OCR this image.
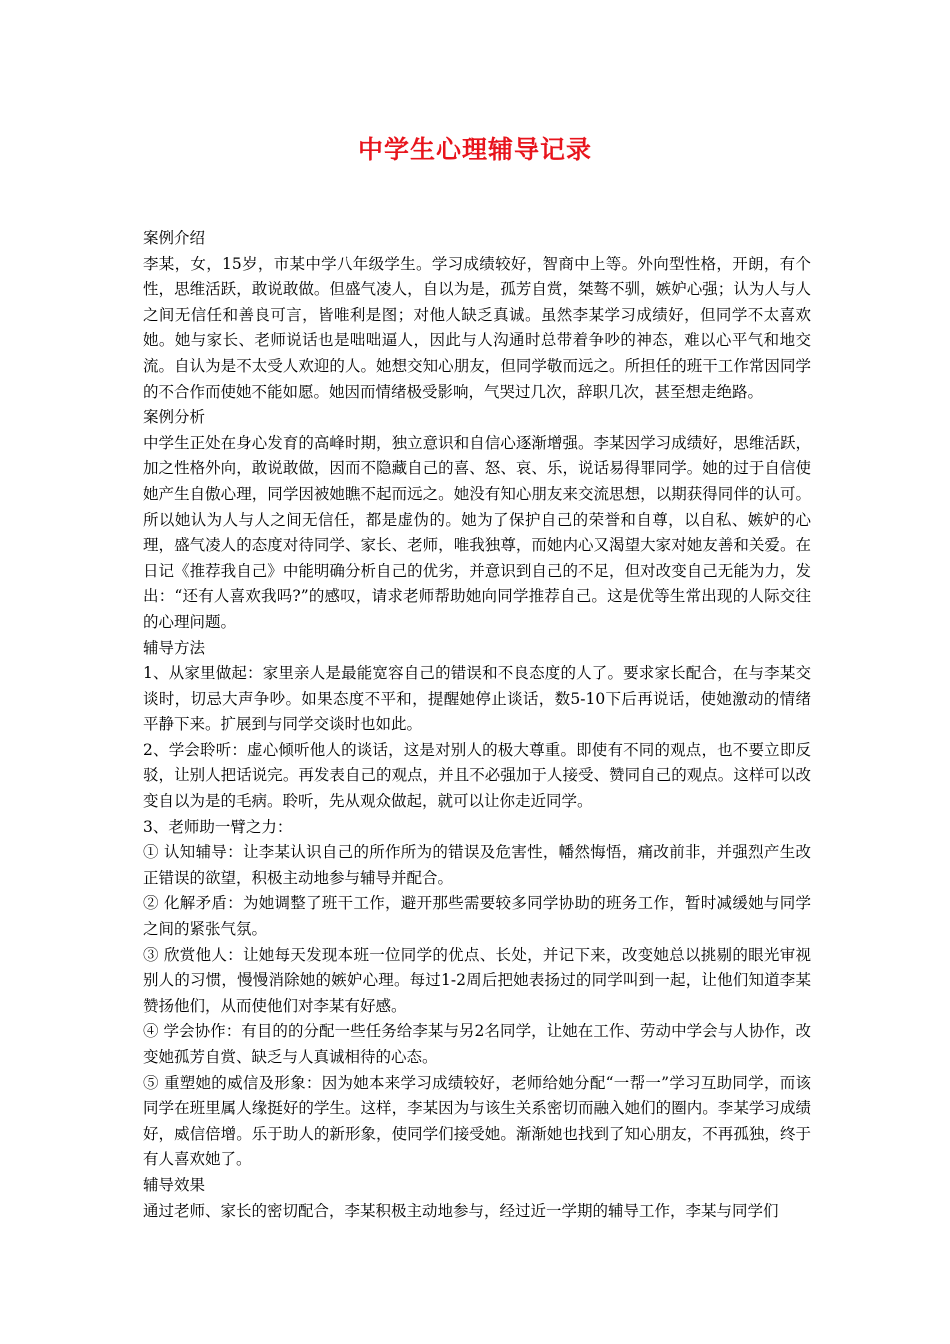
中学生心理辅导记录

案例介绍

李某，女，15岁，市某中学八年级学生。学习成绩较好，智商中上等。外向型性格，开朗，有个性，思维活跃，敢说敢做。但盛气凌人，自以为是，孤芳自赏，桀骜不驯，嫉妒心强；认为人与人之间无信任和善良可言，皆唯利是图；对他人缺乏真诚。虽然李某学习成绩好，但同学不太喜欢她。她与家长、老师说话也是咄咄逼人，因此与人沟通时总带着争吵的神态，难以心平气和地交流。自认为是不太受人欢迎的人。她想交知心朋友，但同学敬而远之。所担任的班干工作常因同学的不合作而使她不能如愿。她因而情绪极受影响，气哭过几次，辞职几次，甚至想走绝路。

案例分析

中学生正处在身心发育的高峰时期，独立意识和自信心逐渐增强。李某因学习成绩好，思维活跃，加之性格外向，敢说敢做，因而不隐藏自己的喜、怒、哀、乐，说话易得罪同学。她的过于自信使她产生自傲心理，同学因被她瞧不起而远之。她没有知心朋友来交流思想，以期获得同伴的认可。所以她认为人与人之间无信任，都是虚伪的。她为了保护自己的荣誉和自尊，以自私、嫉妒的心理，盛气凌人的态度对待同学、家长、老师，唯我独尊，而她内心又渴望大家对她友善和关爱。在日记《推荐我自己》中能明确分析自己的优劣，并意识到自己的不足，但对改变自己无能为力，发出：“还有人喜欢我吗?”的感叹，请求老师帮助她向同学推荐自己。这是优等生常出现的人际交往的心理问题。

辅导方法

1、从家里做起：家里亲人是最能宽容自己的错误和不良态度的人了。要求家长配合，在与李某交谈时，切忌大声争吵。如果态度不平和，提醒她停止谈话，数5-10下后再说话，使她激动的情绪平静下来。扩展到与同学交谈时也如此。

2、学会聆听：虚心倾听他人的谈话，这是对别人的极大尊重。即使有不同的观点，也不要立即反驳，让别人把话说完。再发表自己的观点，并且不必强加于人接受、赞同自己的观点。这样可以改变自以为是的毛病。聆听，先从观众做起，就可以让你走近同学。

3、老师助一臂之力：

① 认知辅导：让李某认识自己的所作所为的错误及危害性，幡然悔悟，痛改前非，并强烈产生改正错误的欲望，积极主动地参与辅导并配合。

② 化解矛盾：为她调整了班干工作，避开那些需要较多同学协助的班务工作，暂时减缓她与同学之间的紧张气氛。

③ 欣赏他人：让她每天发现本班一位同学的优点、长处，并记下来，改变她总以挑剔的眼光审视别人的习惯，慢慢消除她的嫉妒心理。每过1-2周后把她表扬过的同学叫到一起，让他们知道李某赞扬他们，从而使他们对李某有好感。

④ 学会协作：有目的的分配一些任务给李某与另2名同学，让她在工作、劳动中学会与人协作，改变她孤芳自赏、缺乏与人真诚相待的心态。

⑤ 重塑她的威信及形象：因为她本来学习成绩较好，老师给她分配“一帮一”学习互助同学，而该同学在班里属人缘挺好的学生。这样，李某因为与该生关系密切而融入她们的圈内。李某学习成绩好，威信倍增。乐于助人的新形象，使同学们接受她。渐渐她也找到了知心朋友，不再孤独，终于有人喜欢她了。

辅导效果

通过老师、家长的密切配合，李某积极主动地参与，经过近一学期的辅导工作，李某与同学们
